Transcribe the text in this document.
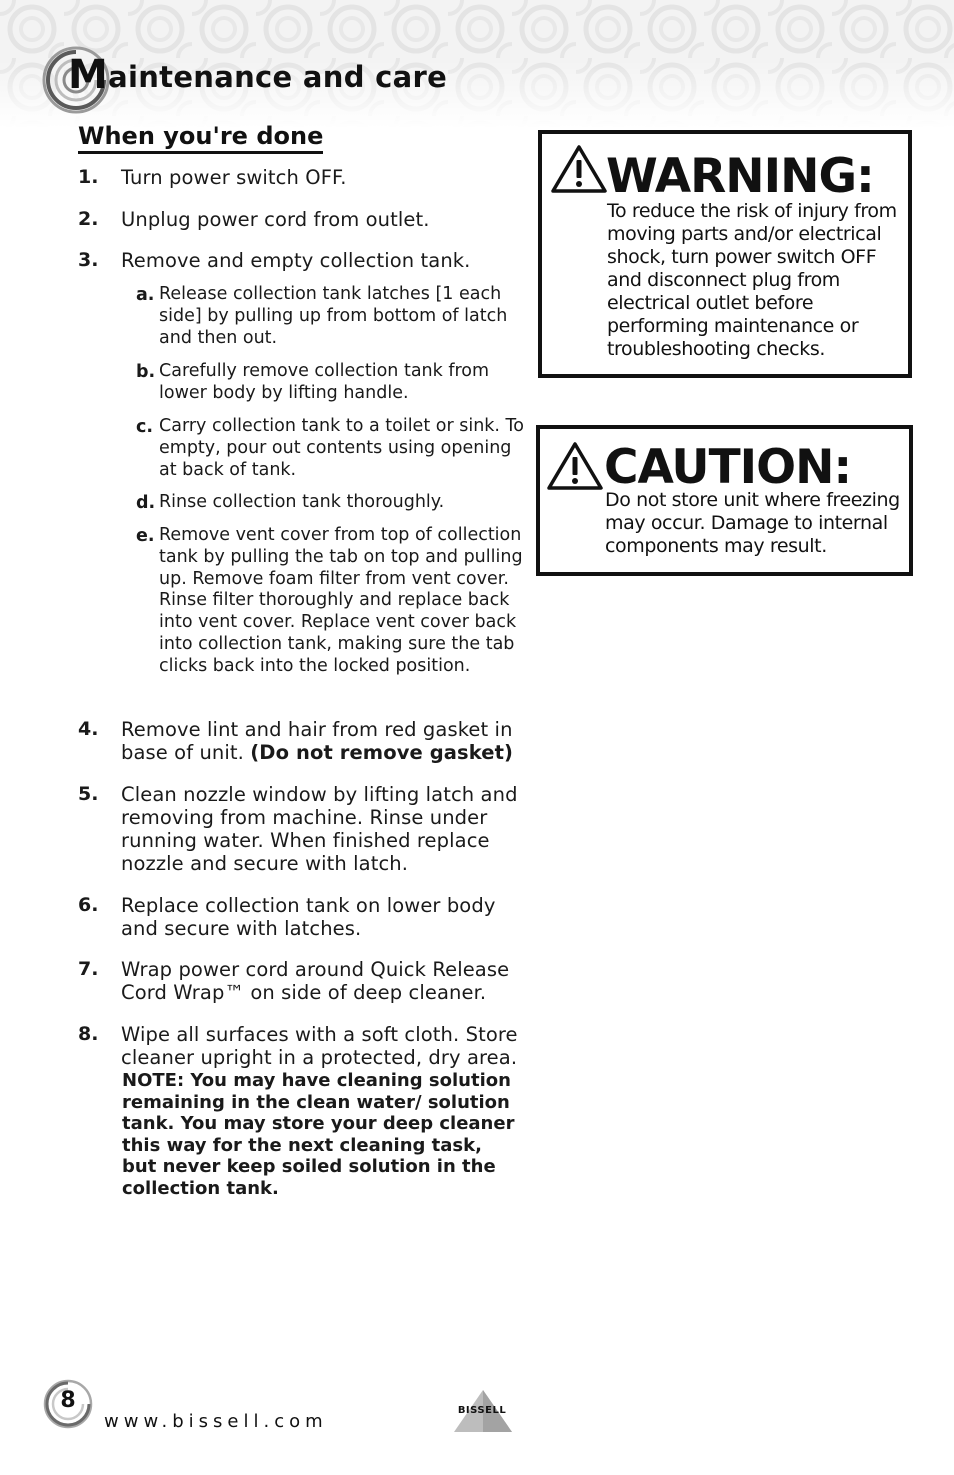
Maintenance and care
When you're done
1. Turn power switch OFF.
2. Unplug power cord from outlet.
3. Remove and empty collection tank.
a. Release collection tank latches [1 each side] by pulling up from bottom of latch and then out.
b. Carefully remove collection tank from lower body by lifting handle.
c. Carry collection tank to a toilet or sink. To empty, pour out contents using opening at back of tank.
d. Rinse collection tank thoroughly.
e. Remove vent cover from top of collection tank by pulling the tab on top and pulling up. Remove foam filter from vent cover. Rinse filter thoroughly and replace back into vent cover. Replace vent cover back into collection tank, making sure the tab clicks back into the locked position.
4. Remove lint and hair from red gasket in base of unit. (Do not remove gasket)
5. Clean nozzle window by lifting latch and removing from machine. Rinse under running water. When finished replace nozzle and secure with latch.
6. Replace collection tank on lower body and secure with latches.
7. Wrap power cord around Quick Release Cord Wrap™ on side of deep cleaner.
8. Wipe all surfaces with a soft cloth. Store cleaner upright in a protected, dry area.
NOTE: You may have cleaning solution remaining in the clean water/ solution tank. You may store your deep cleaner this way for the next cleaning task, but never keep soiled solution in the collection tank.
WARNING:
To reduce the risk of injury from moving parts and/or electrical shock, turn power switch OFF and disconnect plug from electrical outlet before performing maintenance or troubleshooting checks.
CAUTION:
Do not store unit where freezing may occur. Damage to internal components may result.
8
www.bissell.com
BISSELL
